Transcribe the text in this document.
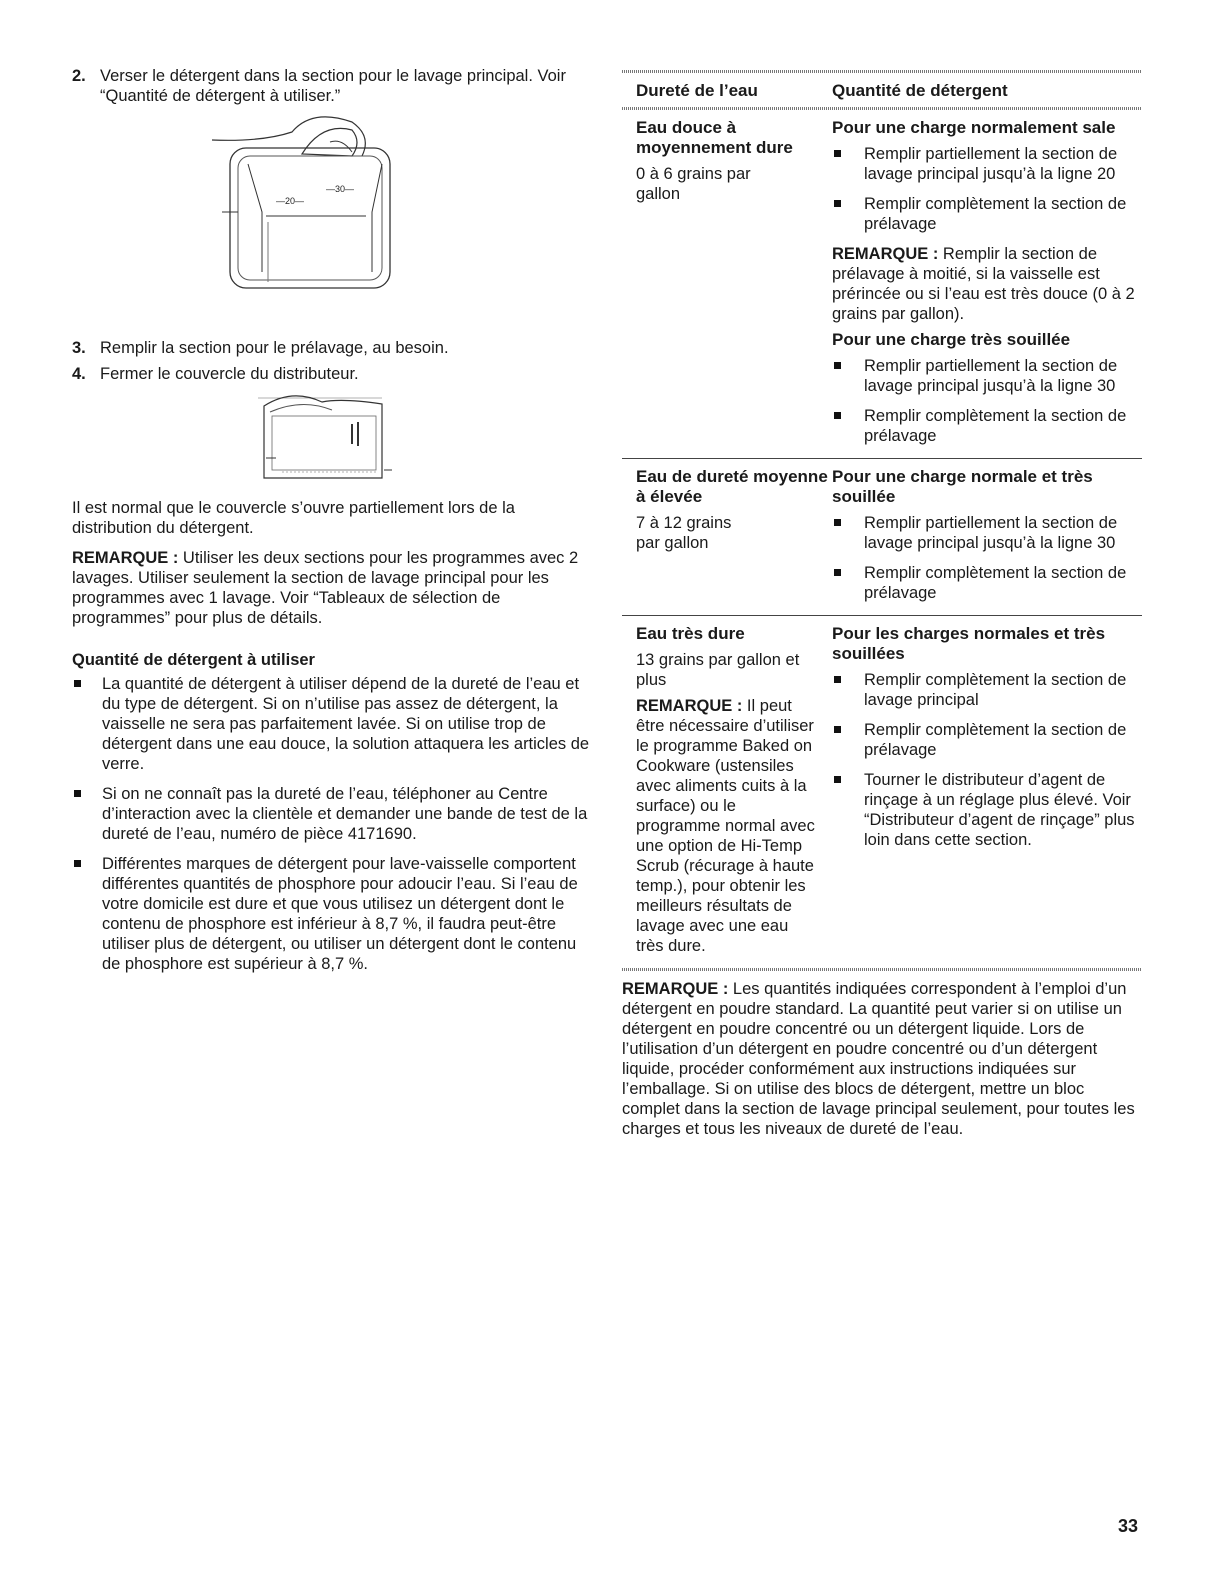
2. Verser le détergent dans la section pour le lavage principal. Voir “Quantité de détergent à utiliser.”
—30—
—20—
3. Remplir la section pour le prélavage, au besoin.
4. Fermer le couvercle du distributeur.

Il est normal que le couvercle s’ouvre partiellement lors de la distribution du détergent.

REMARQUE : Utiliser les deux sections pour les programmes avec 2 lavages. Utiliser seulement la section de lavage principal pour les programmes avec 1 lavage. Voir “Tableaux de sélection de programmes” pour plus de détails.

Quantité de détergent à utiliser
La quantité de détergent à utiliser dépend de la dureté de l’eau et du type de détergent. Si on n’utilise pas assez de détergent, la vaisselle ne sera pas parfaitement lavée. Si on utilise trop de détergent dans une eau douce, la solution attaquera les articles de verre.
Si on ne connaît pas la dureté de l’eau, téléphoner au Centre d’interaction avec la clientèle et demander une bande de test de la dureté de l’eau, numéro de pièce 4171690.
Différentes marques de détergent pour lave-vaisselle comportent différentes quantités de phosphore pour adoucir l’eau. Si l’eau de votre domicile est dure et que vous utilisez un détergent dont le contenu de phosphore est inférieur à 8,7 %, il faudra peut-être utiliser plus de détergent, ou utiliser un détergent dont le contenu de phosphore est supérieur à 8,7 %.
Dureté de l’eau	Quantité de détergent
Eau douce à moyennement dure
0 à 6 grains par gallon
Pour une charge normalement sale
Remplir partiellement la section de lavage principal jusqu’à la ligne 20
Remplir complètement la section de prélavage

REMARQUE : Remplir la section de prélavage à moitié, si la vaisselle est prérincée ou si l’eau est très douce (0 à 2 grains par gallon).

Pour une charge très souillée
Remplir partiellement la section de lavage principal jusqu’à la ligne 30
Remplir complètement la section de prélavage
Eau de dureté moyenne à élevée
7 à 12 grains par gallon
Pour une charge normale et très souillée
Remplir partiellement la section de lavage principal jusqu’à la ligne 30
Remplir complètement la section de prélavage
Eau très dure
13 grains par gallon et plus

REMARQUE : Il peut être nécessaire d’utiliser le programme Baked on Cookware (ustensiles avec aliments cuits à la surface) ou le programme normal avec une option de Hi-Temp Scrub (récurage à haute temp.), pour obtenir les meilleurs résultats de lavage avec une eau très dure.

Pour les charges normales et très souillées
Remplir complètement la section de lavage principal
Remplir complètement la section de prélavage
Tourner le distributeur d’agent de rinçage à un réglage plus élevé. Voir “Distributeur d’agent de rinçage” plus loin dans cette section.

REMARQUE : Les quantités indiquées correspondent à l’emploi d’un détergent en poudre standard. La quantité peut varier si on utilise un détergent en poudre concentré ou un détergent liquide. Lors de l’utilisation d’un détergent en poudre concentré ou d’un détergent liquide, procéder conformément aux instructions indiquées sur l’emballage. Si on utilise des blocs de détergent, mettre un bloc complet dans la section de lavage principal seulement, pour toutes les charges et tous les niveaux de dureté de l’eau.

33
